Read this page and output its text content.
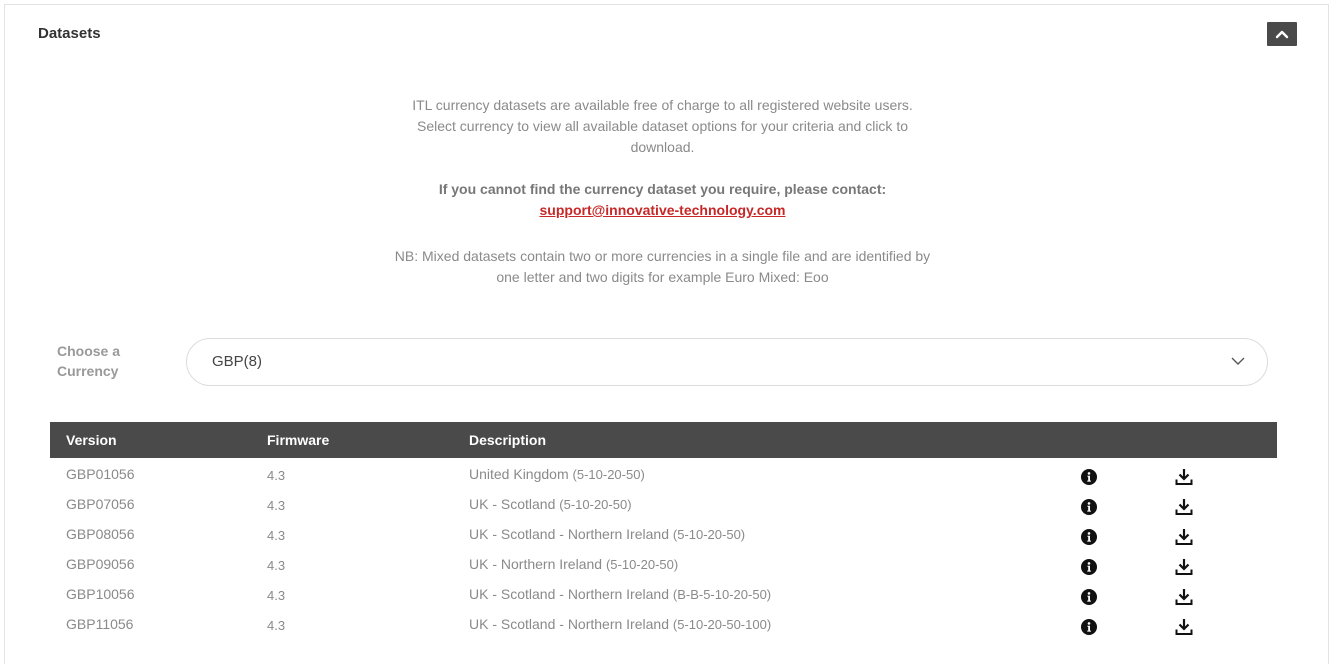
Datasets

ITL currency datasets are available free of charge to all registered website users.

Select currency to view all available dataset options for your criteria and click to

download.

If you cannot find the currency dataset you require, please contact:

support@innovative-technology.com

NB: Mixed datasets contain two or more currencies in a single file and are identified by

one letter and two digits for example Euro Mixed: Eoo

Choose a
Currency
GBP(8)
Version	Firmware	Description
GBP01056	4.3	United Kingdom (5-10-20-50)
GBP07056	4.3	UK - Scotland (5-10-20-50)
GBP08056	4.3	UK - Scotland - Northern Ireland (5-10-20-50)
GBP09056	4.3	UK - Northern Ireland (5-10-20-50)
GBP10056	4.3	UK - Scotland - Northern Ireland (B-B-5-10-20-50)
GBP11056	4.3	UK - Scotland - Northern Ireland (5-10-20-50-100)
